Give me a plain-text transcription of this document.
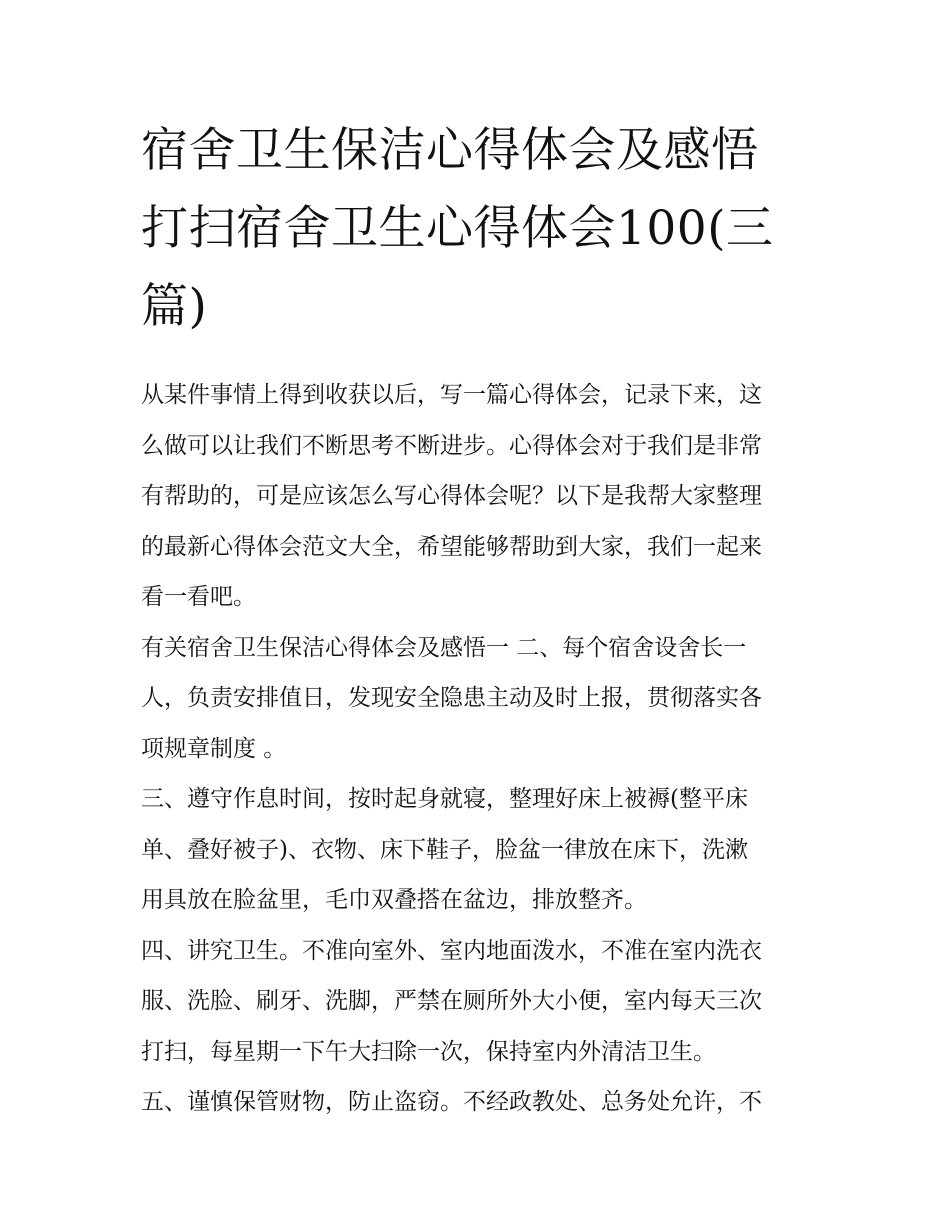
宿舍卫生保洁心得体会及感悟
打扫宿舍卫生心得体会100(三
篇)

从某件事情上得到收获以后，写一篇心得体会，记录下来，这
么做可以让我们不断思考不断进步。心得体会对于我们是非常
有帮助的，可是应该怎么写心得体会呢？以下是我帮大家整理
的最新心得体会范文大全，希望能够帮助到大家，我们一起来
看一看吧。

有关宿舍卫生保洁心得体会及感悟一 二、每个宿舍设舍长一
人，负责安排值日，发现安全隐患主动及时上报，贯彻落实各
项规章制度 。

三、遵守作息时间，按时起身就寝，整理好床上被褥(整平床
单、叠好被子)、衣物、床下鞋子，脸盆一律放在床下，洗漱
用具放在脸盆里，毛巾双叠搭在盆边，排放整齐。

四、讲究卫生。不准向室外、室内地面泼水，不准在室内洗衣
服、洗脸、刷牙、洗脚，严禁在厕所外大小便，室内每天三次
打扫，每星期一下午大扫除一次，保持室内外清洁卫生。

五、谨慎保管财物，防止盗窃。不经政教处、总务处允许，不
